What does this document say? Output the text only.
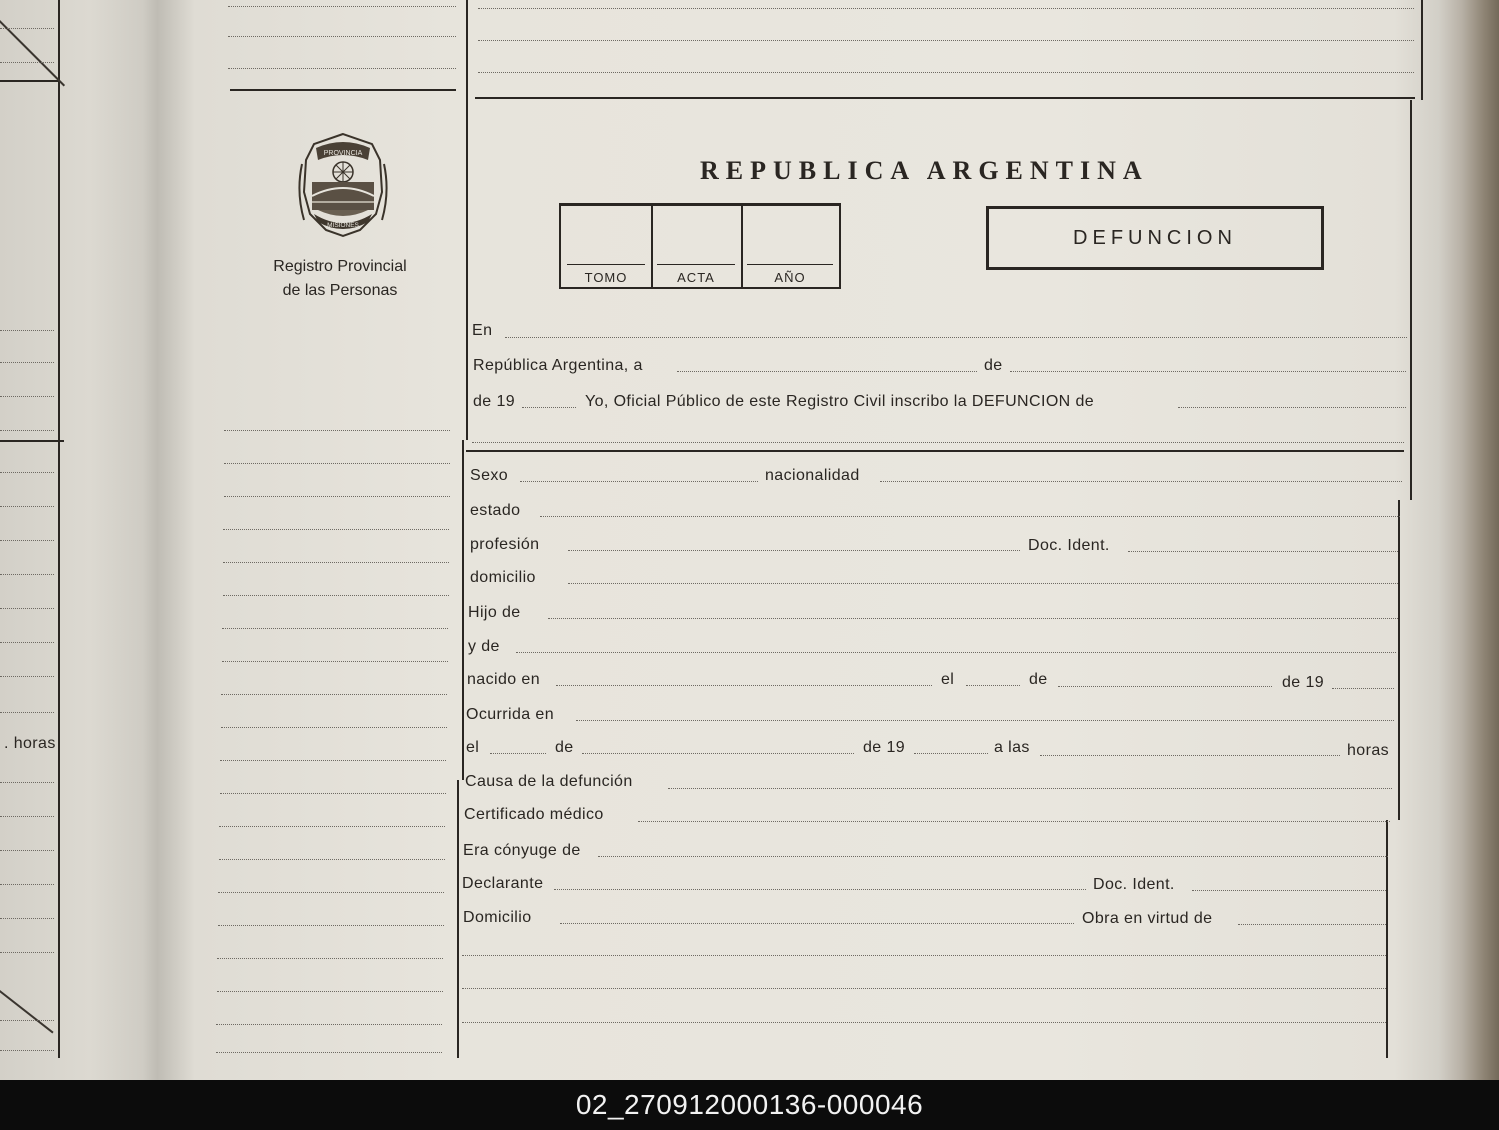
. horas
PROVINCIA
MISIONES
Registro Provincial
de las Personas
REPUBLICA ARGENTINA
TOMO	ACTA	AÑO
DEFUNCION
En
República Argentina, a	de
de 19	Yo, Oficial Público de este Registro Civil inscribo la DEFUNCION de
Sexo	nacionalidad
estado
profesión	Doc. Ident.
domicilio
Hijo de
y de
nacido en	el	de	de 19
Ocurrida en
el	de	de 19	a las	horas
Causa de la defunción
Certificado médico
Era cónyuge de
Declarante	Doc. Ident.
Domicilio	Obra en virtud de
02_270912000136-000046
